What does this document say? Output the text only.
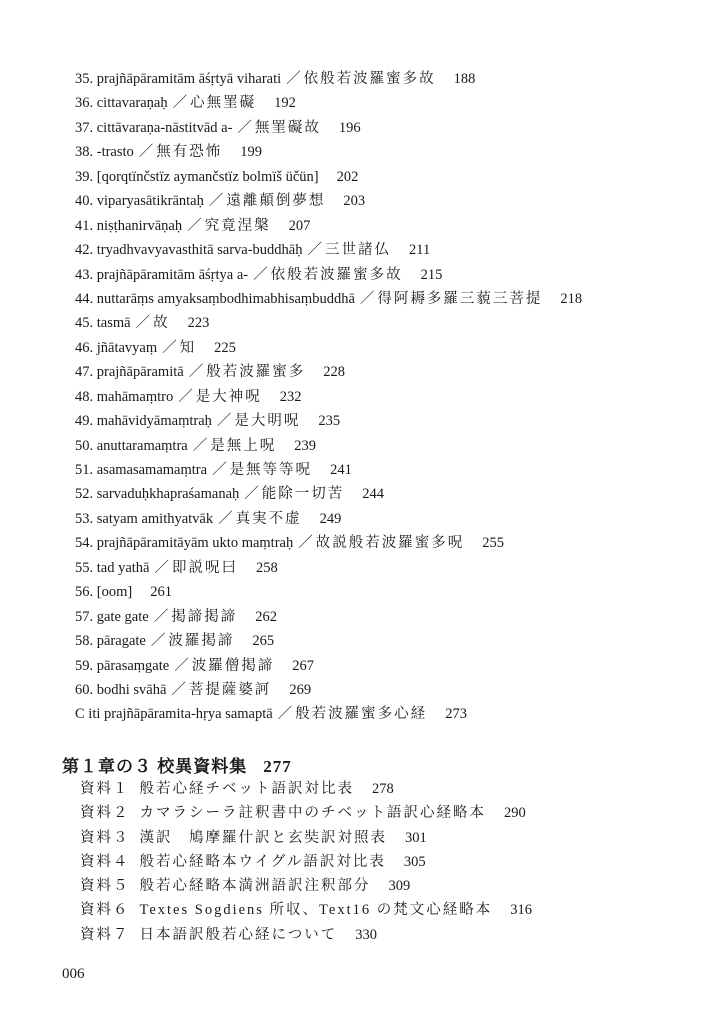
35. prajñāpāramitām āśṛtyā viharati ／ 依般若波羅蜜多故 188
36. cittavaraṇaḥ ／ 心無罣礙 192
37. cittāvaraṇa-nāstitvād a- ／ 無罣礙故 196
38. -trasto ／ 無有恐怖 199
39. [qorqtïnčstïz aymančstïz bolmïš üčün] 202
40. viparyasātikrāntaḥ ／ 遠離顛倒夢想 203
41. niṣṭhanirvāṇaḥ ／ 究竟涅槃 207
42. tryadhvavyavasthitā sarva-buddhāḥ ／ 三世諸仏 211
43. prajñāpāramitām āśṛtya a- ／ 依般若波羅蜜多故 215
44. nuttarāṃs amyaksaṃbodhimabhisaṃbuddhā ／ 得阿耨多羅三藐三菩提 218
45. tasmā ／ 故 223
46. jñātavyaṃ ／ 知 225
47. prajñāpāramitā ／ 般若波羅蜜多 228
48. mahāmaṃtro ／ 是大神呪 232
49. mahāvidyāmaṃtraḥ ／ 是大明呪 235
50. anuttaramaṃtra ／ 是無上呪 239
51. asamasamamaṃtra ／ 是無等等呪 241
52. sarvaduḥkhapraśamanaḥ ／ 能除一切苦 244
53. satyam amithyatvāk ／ 真実不虚 249
54. prajñāpāramitāyām ukto maṃtraḥ ／ 故説般若波羅蜜多呪 255
55. tad yathā ／ 即説呪曰 258
56. [oom] 261
57. gate gate ／ 掲諦掲諦 262
58. pāragate ／ 波羅掲諦 265
59. pārasaṃgate ／ 波羅僧掲諦 267
60. bodhi svāhā ／ 菩提薩婆訶 269
C iti prajñāpāramita-hṛya samaptā ／ 般若波羅蜜多心経 273
第１章の３ 校異資料集 277
資料１ 般若心経チベット語訳対比表 278
資料２ カマラシーラ註釈書中のチベット語訳心経略本 290
資料３ 漢訳　鳩摩羅什訳と玄奘訳対照表 301
資料４ 般若心経略本ウイグル語訳対比表 305
資料５ 般若心経略本満洲語訳注釈部分 309
資料６ Textes Sogdiens 所収、Text16 の梵文心経略本 316
資料７ 日本語訳般若心経について 330
006
